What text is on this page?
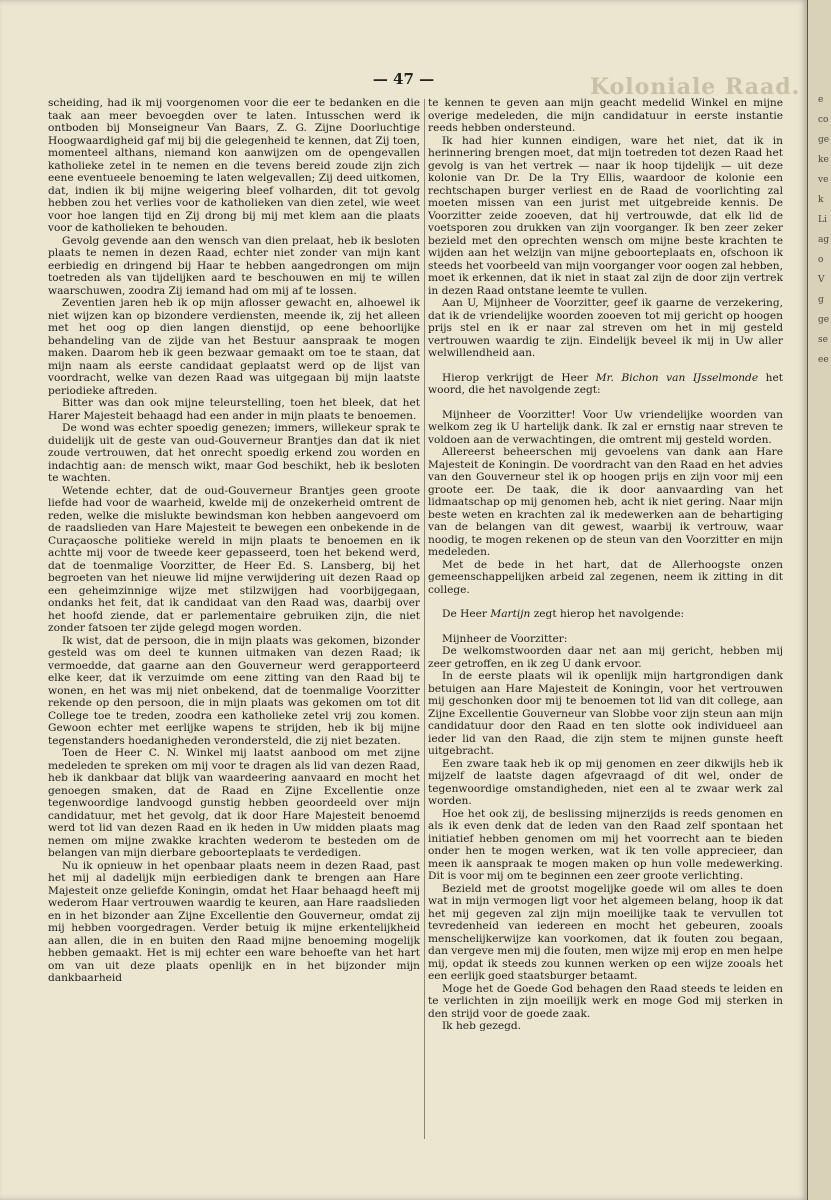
Koloniale Raad.
— 47 —

scheiding, had ik mij voorgenomen voor die eer te bedanken en die taak aan meer bevoegden over te laten. Intusschen werd ik ontboden bij Monseigneur Van Baars, Z. G. Zijne Doorluchtige Hoogwaardigheid gaf mij bij die gelegenheid te kennen, dat Zij toen, momenteel althans, niemand kon aanwijzen om de opengevallen katholieke zetel in te nemen en die tevens bereid zoude zijn zich eene eventueele benoeming te laten welgevallen; Zij deed uitkomen, dat, indien ik bij mijne weigering bleef volharden, dit tot gevolg hebben zou het verlies voor de katholieken van dien zetel, wie weet voor hoe langen tijd en Zij drong bij mij met klem aan die plaats voor de katholieken te behouden.

Gevolg gevende aan den wensch van dien prelaat, heb ik besloten plaats te nemen in dezen Raad, echter niet zonder van mijn kant eerbiedig en dringend bij Haar te hebben aangedrongen om mijn toetreden als van tijdelijken aard te beschouwen en mij te willen waarschuwen, zoodra Zij iemand had om mij af te lossen.

Zeventien jaren heb ik op mijn aflosser gewacht en, alhoewel ik niet wijzen kan op bizondere verdiensten, meende ik, zij het alleen met het oog op dien langen dienstijd, op eene behoorlijke behandeling van de zijde van het Bestuur aanspraak te mogen maken. Daarom heb ik geen bezwaar gemaakt om toe te staan, dat mijn naam als eerste candidaat geplaatst werd op de lijst van voordracht, welke van dezen Raad was uitgegaan bij mijn laatste periodieke aftreden.

Bitter was dan ook mijne teleurstelling, toen het bleek, dat het Harer Majesteit behaagd had een ander in mijn plaats te benoemen.

De wond was echter spoedig genezen; immers, willekeur sprak te duidelijk uit de geste van oud-Gouverneur Brantjes dan dat ik niet zoude vertrouwen, dat het onrecht spoedig erkend zou worden en indachtig aan: de mensch wikt, maar God beschikt, heb ik besloten te wachten.

Wetende echter, dat de oud-Gouverneur Brantjes geen groote liefde had voor de waarheid, kwelde mij de onzekerheid omtrent de reden, welke die mislukte bewindsman kon hebben aangevoerd om de raadslieden van Hare Majesteit te bewegen een onbekende in de Curaçaosche politieke wereld in mijn plaats te benoemen en ik achtte mij voor de tweede keer gepasseerd, toen het bekend werd, dat de toenmalige Voorzitter, de Heer Ed. S. Lansberg, bij het begroeten van het nieuwe lid mijne verwijdering uit dezen Raad op een geheimzinnige wijze met stilzwijgen had voorbijgegaan, ondanks het feit, dat ik candidaat van den Raad was, daarbij over het hoofd ziende, dat er parlementaire gebruiken zijn, die niet zonder fatsoen ter zijde gelegd mogen worden.

Ik wist, dat de persoon, die in mijn plaats was gekomen, bizonder gesteld was om deel te kunnen uitmaken van dezen Raad; ik vermoedde, dat gaarne aan den Gouverneur werd gerapporteerd elke keer, dat ik verzuimde om eene zitting van den Raad bij te wonen, en het was mij niet onbekend, dat de toenmalige Voorzitter rekende op den persoon, die in mijn plaats was gekomen om tot dit College toe te treden, zoodra een katholieke zetel vrij zou komen. Gewoon echter met eerlijke wapens te strijden, heb ik bij mijne tegenstanders hoedanigheden verondersteld, die zij niet bezaten.

Toen de Heer C. N. Winkel mij laatst aanbood om met zijne medeleden te spreken om mij voor te dragen als lid van dezen Raad, heb ik dankbaar dat blijk van waardeering aanvaard en mocht het genoegen smaken, dat de Raad en Zijne Excellentie onze tegenwoordige landvoogd gunstig hebben geoordeeld over mijn candidatuur, met het gevolg, dat ik door Hare Majesteit benoemd werd tot lid van dezen Raad en ik heden in Uw midden plaats mag nemen om mijne zwakke krachten wederom te besteden om de belangen van mijn dierbare geboorteplaats te verdedigen.

Nu ik opnieuw in het openbaar plaats neem in dezen Raad, past het mij al dadelijk mijn eerbiedigen dank te brengen aan Hare Majesteit onze geliefde Koningin, omdat het Haar behaagd heeft mij wederom Haar vertrouwen waardig te keuren, aan Hare raadslieden en in het bizonder aan Zijne Excellentie den Gouverneur, omdat zij mij hebben voorgedragen. Verder betuig ik mijne erkentelijkheid aan allen, die in en buiten den Raad mijne benoeming mogelijk hebben gemaakt. Het is mij echter een ware behoefte van het hart om van uit deze plaats openlijk en in het bijzonder mijn dankbaarheid

te kennen te geven aan mijn geacht medelid Winkel en mijne overige medeleden, die mijn candidatuur in eerste instantie reeds hebben ondersteund.

Ik had hier kunnen eindigen, ware het niet, dat ik in herinnering brengen moet, dat mijn toetreden tot dezen Raad het gevolg is van het vertrek — naar ik hoop tijdelijk — uit deze kolonie van Dr. De la Try Ellis, waardoor de kolonie een rechtschapen burger verliest en de Raad de voorlichting zal moeten missen van een jurist met uitgebreide kennis. De Voorzitter zeide zooeven, dat hij vertrouwde, dat elk lid de voetsporen zou drukken van zijn voorganger. Ik ben zeer zeker bezield met den oprechten wensch om mijne beste krachten te wijden aan het welzijn van mijne geboorteplaats en, ofschoon ik steeds het voorbeeld van mijn voorganger voor oogen zal hebben, moet ik erkennen, dat ik niet in staat zal zijn de door zijn vertrek in dezen Raad ontstane leemte te vullen.

Aan U, Mijnheer de Voorzitter, geef ik gaarne de verzekering, dat ik de vriendelijke woorden zooeven tot mij gericht op hoogen prijs stel en ik er naar zal streven om het in mij gesteld vertrouwen waardig te zijn. Eindelijk beveel ik mij in Uw aller welwillendheid aan.

Hierop verkrijgt de Heer Mr. Bichon van IJsselmonde het woord, die het navolgende zegt:

Mijnheer de Voorzitter! Voor Uw vriendelijke woorden van welkom zeg ik U hartelijk dank. Ik zal er ernstig naar streven te voldoen aan de verwachtingen, die omtrent mij gesteld worden.

Allereerst beheerschen mij gevoelens van dank aan Hare Majesteit de Koningin. De voordracht van den Raad en het advies van den Gouverneur stel ik op hoogen prijs en zijn voor mij een groote eer. De taak, die ik door aanvaarding van het lidmaatschap op mij genomen heb, acht ik niet gering. Naar mijn beste weten en krachten zal ik medewerken aan de behartiging van de belangen van dit gewest, waarbij ik vertrouw, waar noodig, te mogen rekenen op de steun van den Voorzitter en mijn medeleden.

Met de bede in het hart, dat de Allerhoogste onzen gemeenschappelijken arbeid zal zegenen, neem ik zitting in dit college.

De Heer Martijn zegt hierop het navolgende:

Mijnheer de Voorzitter:

De welkomstwoorden daar net aan mij gericht, hebben mij zeer getroffen, en ik zeg U dank ervoor.

In de eerste plaats wil ik openlijk mijn hartgrondigen dank betuigen aan Hare Majesteit de Koningin, voor het vertrouwen mij geschonken door mij te benoemen tot lid van dit college, aan Zijne Excellentie Gouverneur van Slobbe voor zijn steun aan mijn candidatuur door den Raad en ten slotte ook individueel aan ieder lid van den Raad, die zijn stem te mijnen gunste heeft uitgebracht.

Een zware taak heb ik op mij genomen en zeer dikwijls heb ik mijzelf de laatste dagen afgevraagd of dit wel, onder de tegenwoordige omstandigheden, niet een al te zwaar werk zal worden.

Hoe het ook zij, de beslissing mijnerzijds is reeds genomen en als ik even denk dat de leden van den Raad zelf spontaan het initiatief hebben genomen om mij het voorrecht aan te bieden onder hen te mogen werken, wat ik ten volle apprecieer, dan meen ik aanspraak te mogen maken op hun volle medewerking. Dit is voor mij om te beginnen een zeer groote verlichting.

Bezield met de grootst mogelijke goede wil om alles te doen wat in mijn vermogen ligt voor het algemeen belang, hoop ik dat het mij gegeven zal zijn mijn moeilijke taak te vervullen tot tevredenheid van iedereen en mocht het gebeuren, zooals menschelijkerwijze kan voorkomen, dat ik fouten zou begaan, dan vergeve men mij die fouten, men wijze mij erop en men helpe mij, opdat ik steeds zou kunnen werken op een wijze zooals het een eerlijk goed staatsburger betaamt.

Moge het de Goede God behagen den Raad steeds te leiden en te verlichten in zijn moeilijk werk en moge God mij sterken in den strijd voor de goede zaak.

Ik heb gezegd.

e
co
ge
ke
ve
k
Li
ag
o
V
g
ge
se
ee
